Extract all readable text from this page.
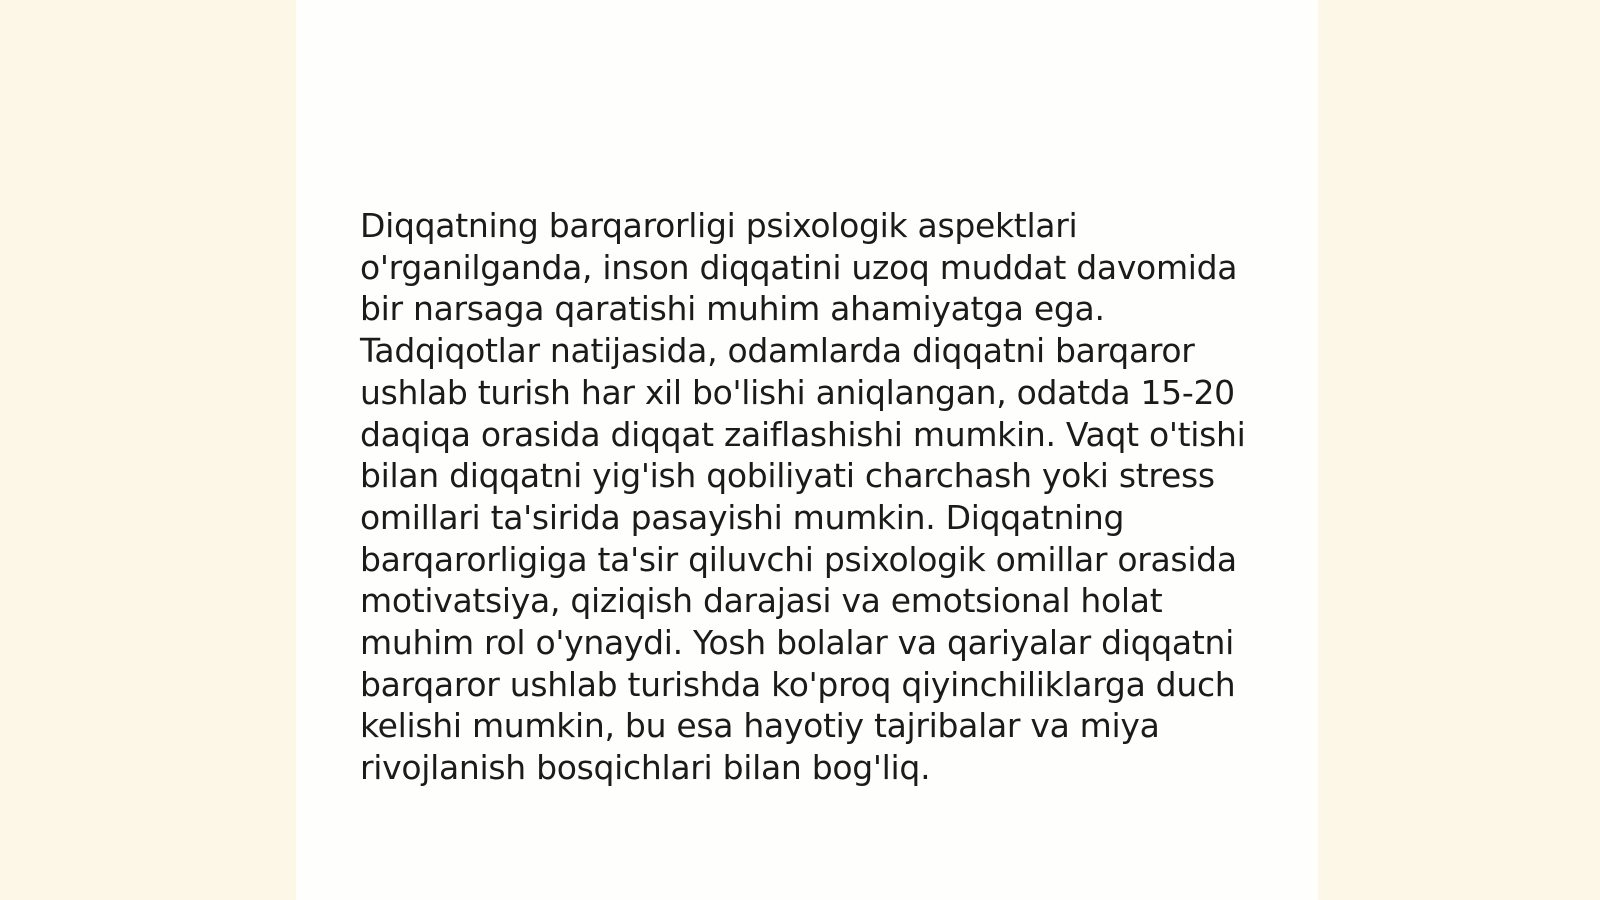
Diqqatning barqarorligi psixologik aspektlari o'rganilganda, inson diqqatini uzoq muddat davomida bir narsaga qaratishi muhim ahamiyatga ega. Tadqiqotlar natijasida, odamlarda diqqatni barqaror ushlab turish har xil bo'lishi aniqlangan, odatda 15-20 daqiqa orasida diqqat zaiflashishi mumkin. Vaqt o'tishi bilan diqqatni yig'ish qobiliyati charchash yoki stress omillari ta'sirida pasayishi mumkin. Diqqatning barqarorligiga ta'sir qiluvchi psixologik omillar orasida motivatsiya, qiziqish darajasi va emotsional holat muhim rol o'ynaydi. Yosh bolalar va qariyalar diqqatni barqaror ushlab turishda ko'proq qiyinchiliklarga duch kelishi mumkin, bu esa hayotiy tajribalar va miya rivojlanish bosqichlari bilan bog'liq.
